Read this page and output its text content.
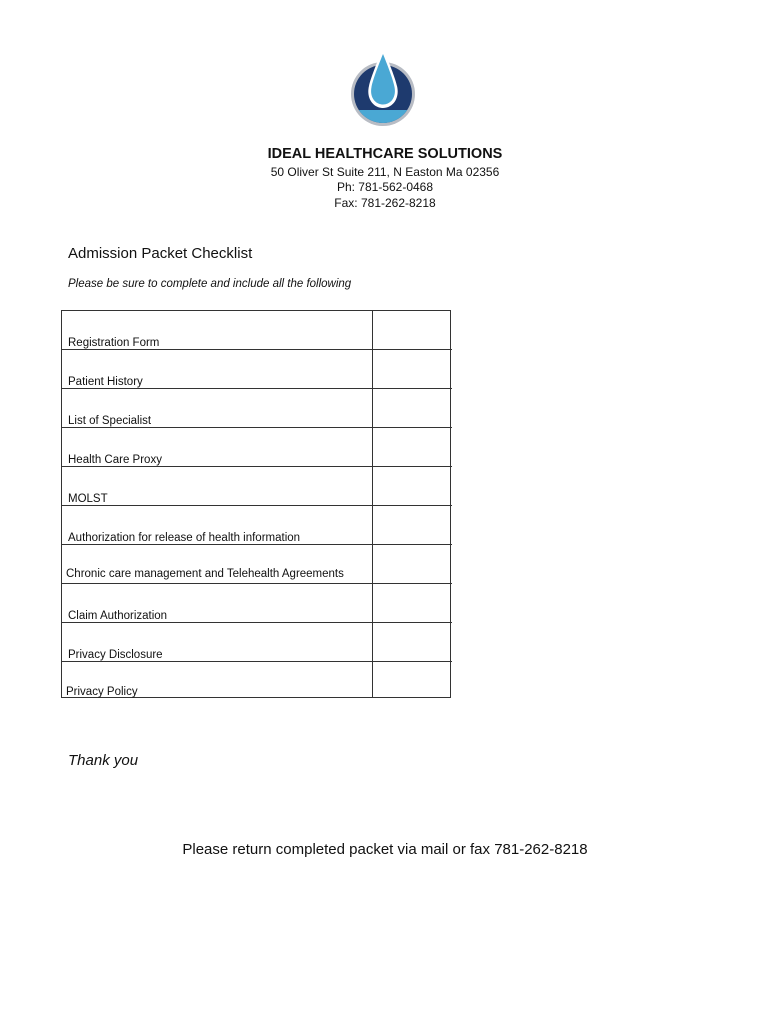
IDEAL HEALTHCARE SOLUTIONS
50 Oliver St Suite 211, N Easton Ma 02356
Ph: 781-562-0468
Fax: 781-262-8218
Admission Packet Checklist
Please be sure to complete and include all the following
Registration Form
Patient History
List of Specialist
Health Care Proxy
MOLST
Authorization for release of health information
Chronic care management and Telehealth Agreements
Claim Authorization
Privacy Disclosure
Privacy Policy
Thank you
Please return completed packet via mail or fax 781-262-8218
